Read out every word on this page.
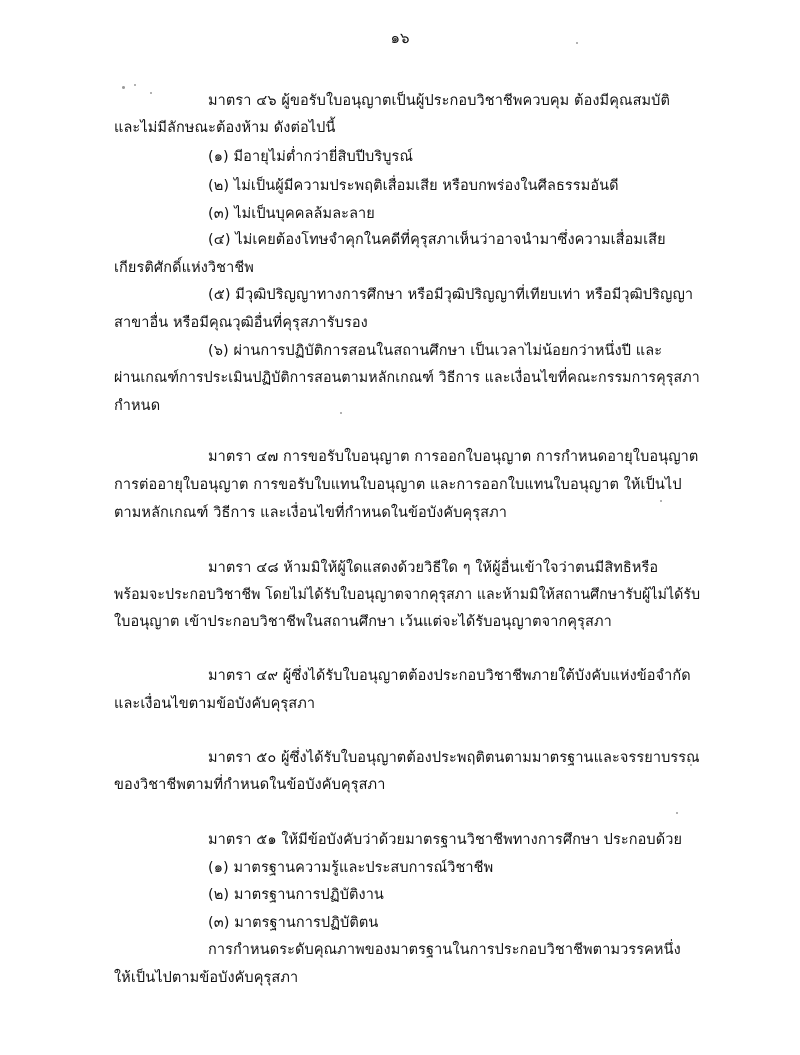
๑๖
มาตรา ๔๖ ผู้ขอรับใบอนุญาตเป็นผู้ประกอบวิชาชีพควบคุม ต้องมีคุณสมบัติ
และไม่มีลักษณะต้องห้าม ดังต่อไปนี้
(๑) มีอายุไม่ต่ำกว่ายี่สิบปีบริบูรณ์
(๒) ไม่เป็นผู้มีความประพฤติเสื่อมเสีย หรือบกพร่องในศีลธรรมอันดี
(๓) ไม่เป็นบุคคลล้มละลาย
(๔) ไม่เคยต้องโทษจำคุกในคดีที่คุรุสภาเห็นว่าอาจนำมาซึ่งความเสื่อมเสีย
เกียรติศักดิ์แห่งวิชาชีพ
(๕) มีวุฒิปริญญาทางการศึกษา หรือมีวุฒิปริญญาที่เทียบเท่า หรือมีวุฒิปริญญา
สาขาอื่น หรือมีคุณวุฒิอื่นที่คุรุสภารับรอง
(๖) ผ่านการปฏิบัติการสอนในสถานศึกษา เป็นเวลาไม่น้อยกว่าหนึ่งปี และ
ผ่านเกณฑ์การประเมินปฏิบัติการสอนตามหลักเกณฑ์ วิธีการ และเงื่อนไขที่คณะกรรมการคุรุสภา
กำหนด
มาตรา ๔๗ การขอรับใบอนุญาต การออกใบอนุญาต การกำหนดอายุใบอนุญาต
การต่ออายุใบอนุญาต การขอรับใบแทนใบอนุญาต และการออกใบแทนใบอนุญาต ให้เป็นไป
ตามหลักเกณฑ์ วิธีการ และเงื่อนไขที่กำหนดในข้อบังคับคุรุสภา
มาตรา ๔๘ ห้ามมิให้ผู้ใดแสดงด้วยวิธีใด ๆ ให้ผู้อื่นเข้าใจว่าตนมีสิทธิหรือ
พร้อมจะประกอบวิชาชีพ โดยไม่ได้รับใบอนุญาตจากคุรุสภา และห้ามมิให้สถานศึกษารับผู้ไม่ได้รับ
ใบอนุญาต เข้าประกอบวิชาชีพในสถานศึกษา เว้นแต่จะได้รับอนุญาตจากคุรุสภา
มาตรา ๔๙ ผู้ซึ่งได้รับใบอนุญาตต้องประกอบวิชาชีพภายใต้บังคับแห่งข้อจำกัด
และเงื่อนไขตามข้อบังคับคุรุสภา
มาตรา ๕๐ ผู้ซึ่งได้รับใบอนุญาตต้องประพฤติตนตามมาตรฐานและจรรยาบรรณ
ของวิชาชีพตามที่กำหนดในข้อบังคับคุรุสภา
มาตรา ๕๑ ให้มีข้อบังคับว่าด้วยมาตรฐานวิชาชีพทางการศึกษา ประกอบด้วย
(๑) มาตรฐานความรู้และประสบการณ์วิชาชีพ
(๒) มาตรฐานการปฏิบัติงาน
(๓) มาตรฐานการปฏิบัติตน
การกำหนดระดับคุณภาพของมาตรฐานในการประกอบวิชาชีพตามวรรคหนึ่ง
ให้เป็นไปตามข้อบังคับคุรุสภา
